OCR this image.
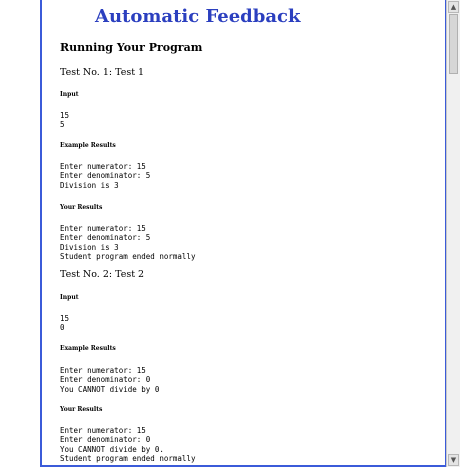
▲
▼
Automatic Feedback
Running Your Program
Test No. 1: Test 1
Input
15
5
Example Results
Enter numerator: 15
Enter denominator: 5
Division is 3
Your Results
Enter numerator: 15
Enter denominator: 5
Division is 3
Student program ended normally
Test No. 2: Test 2
Input
15
0
Example Results
Enter numerator: 15
Enter denominator: 0
You CANNOT divide by 0
Your Results
Enter numerator: 15
Enter denominator: 0
You CANNOT divide by 0.
Student program ended normally
